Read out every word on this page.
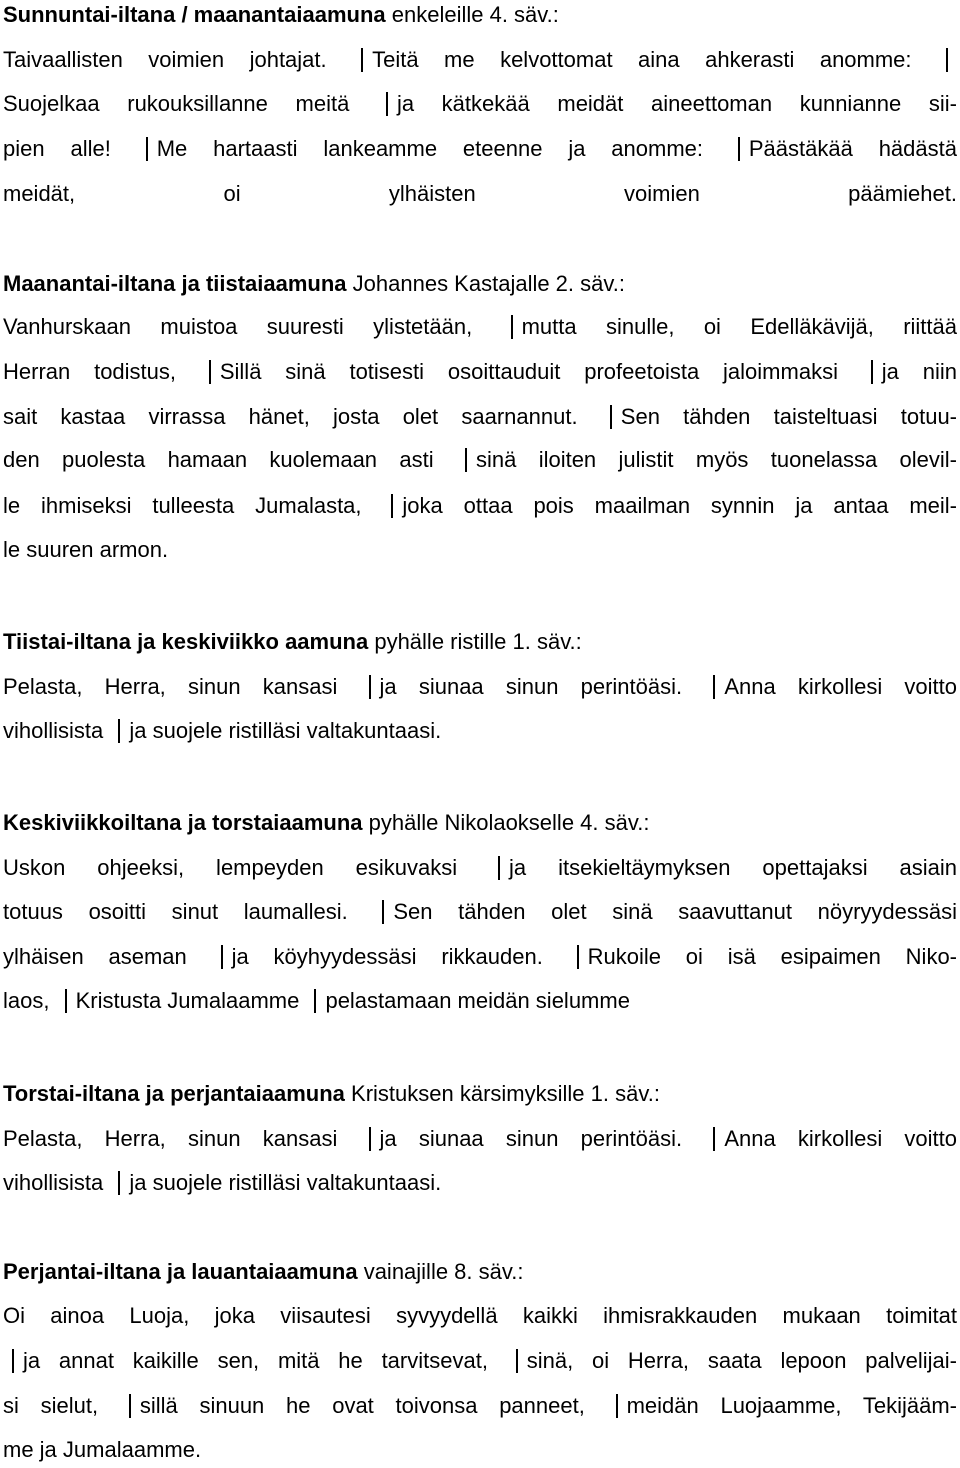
Sunnuntai-iltana / maanantaiaamuna enkeleille 4. säv.:
Taivaallisten voimien johtajat. Teitä me kelvottomat aina ahkerasti anomme:
Suojelkaa rukouksillanne meitä ja kätkekää meidät aineettoman kunnianne sii-
pien alle! Me hartaasti lankeamme eteenne ja anomme: Päästäkää hädästä
meidät, oi ylhäisten voimien päämiehet.
Maanantai-iltana ja tiistaiaamuna Johannes Kastajalle 2. säv.:
Vanhurskaan muistoa suuresti ylistetään, mutta sinulle, oi Edelläkävijä, riittää
Herran todistus, Sillä sinä totisesti osoittauduit profeetoista jaloimmaksi ja niin
sait kastaa virrassa hänet, josta olet saarnannut. Sen tähden taisteltuasi totuu-
den puolesta hamaan kuolemaan asti sinä iloiten julistit myös tuonelassa olevil-
le ihmiseksi tulleesta Jumalasta, joka ottaa pois maailman synnin ja antaa meil-
le suuren armon.
Tiistai-iltana ja keskiviikko aamuna pyhälle ristille 1. säv.:
Pelasta, Herra, sinun kansasi ja siunaa sinun perintöäsi. Anna kirkollesi voitto
vihollisista ja suojele ristilläsi valtakuntaasi.
Keskiviikkoiltana ja torstaiaamuna pyhälle Nikolaokselle 4. säv.:
Uskon ohjeeksi, lempeyden esikuvaksi ja itsekieltäymyksen opettajaksi asiain
totuus osoitti sinut laumallesi. Sen tähden olet sinä saavuttanut nöyryydessäsi
ylhäisen aseman ja köyhyydessäsi rikkauden. Rukoile oi isä esipaimen Niko-
laos, Kristusta Jumalaamme pelastamaan meidän sielumme
Torstai-iltana ja perjantaiaamuna Kristuksen kärsimyksille 1. säv.:
Pelasta, Herra, sinun kansasi ja siunaa sinun perintöäsi. Anna kirkollesi voitto
vihollisista ja suojele ristilläsi valtakuntaasi.
Perjantai-iltana ja lauantaiaamuna vainajille 8. säv.:
Oi ainoa Luoja, joka viisautesi syvyydellä kaikki ihmisrakkauden mukaan toimitat
ja annat kaikille sen, mitä he tarvitsevat, sinä, oi Herra, saata lepoon palvelijai-
si sielut, sillä sinuun he ovat toivonsa panneet, meidän Luojaamme, Tekijääm-
me ja Jumalaamme.
